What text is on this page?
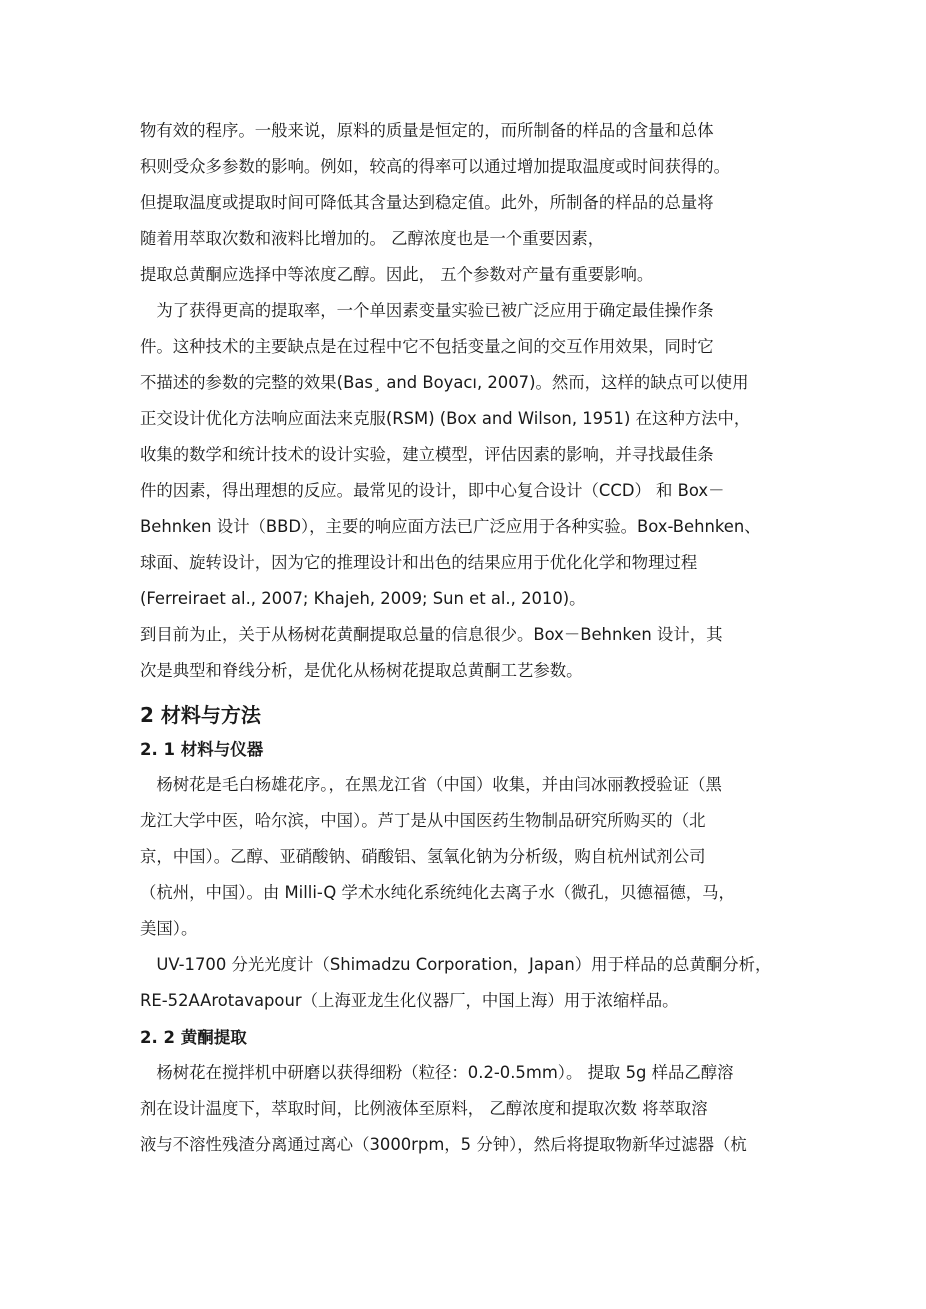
物有效的程序。一般来说，原料的质量是恒定的，而所制备的样品的含量和总体
积则受众多参数的影响。例如，较高的得率可以通过增加提取温度或时间获得的。
但提取温度或提取时间可降低其含量达到稳定值。此外，所制备的样品的总量将
随着用萃取次数和液料比增加的。 乙醇浓度也是一个重要因素，
提取总黄酮应选择中等浓度乙醇。因此， 五个参数对产量有重要影响。
　为了获得更高的提取率，一个单因素变量实验已被广泛应用于确定最佳操作条
件。这种技术的主要缺点是在过程中它不包括变量之间的交互作用效果，同时它
不描述的参数的完整的效果(Bas¸ and Boyacı, 2007)。然而，这样的缺点可以使用
正交设计优化方法响应面法来克服(RSM) (Box and Wilson, 1951) 在这种方法中，
收集的数学和统计技术的设计实验，建立模型，评估因素的影响，并寻找最佳条
件的因素，得出理想的反应。最常见的设计，即中心复合设计（CCD） 和 Box－
Behnken 设计（BBD），主要的响应面方法已广泛应用于各种实验。Box-Behnken、
球面、旋转设计，因为它的推理设计和出色的结果应用于优化化学和物理过程
(Ferreiraet al., 2007; Khajeh, 2009; Sun et al., 2010)。
到目前为止，关于从杨树花黄酮提取总量的信息很少。Box－Behnken 设计，其
次是典型和脊线分析，是优化从杨树花提取总黄酮工艺参数。
2 材料与方法
2. 1 材料与仪器
　杨树花是毛白杨雄花序。，在黑龙江省（中国）收集，并由闫冰丽教授验证（黑
龙江大学中医，哈尔滨，中国）。芦丁是从中国医药生物制品研究所购买的（北
京，中国）。乙醇、亚硝酸钠、硝酸铝、氢氧化钠为分析级，购自杭州试剂公司
（杭州，中国）。由 Milli-Q 学术水纯化系统纯化去离子水（微孔，贝德福德，马，
美国）。
　UV-1700 分光光度计（Shimadzu Corporation，Japan）用于样品的总黄酮分析，
RE-52AArotavapour（上海亚龙生化仪器厂，中国上海）用于浓缩样品。
2. 2 黄酮提取
　杨树花在搅拌机中研磨以获得细粉（粒径：0.2-0.5mm）。 提取 5g 样品乙醇溶
剂在设计温度下，萃取时间，比例液体至原料， 乙醇浓度和提取次数 将萃取溶
液与不溶性残渣分离通过离心（3000rpm，5 分钟），然后将提取物新华过滤器（杭
